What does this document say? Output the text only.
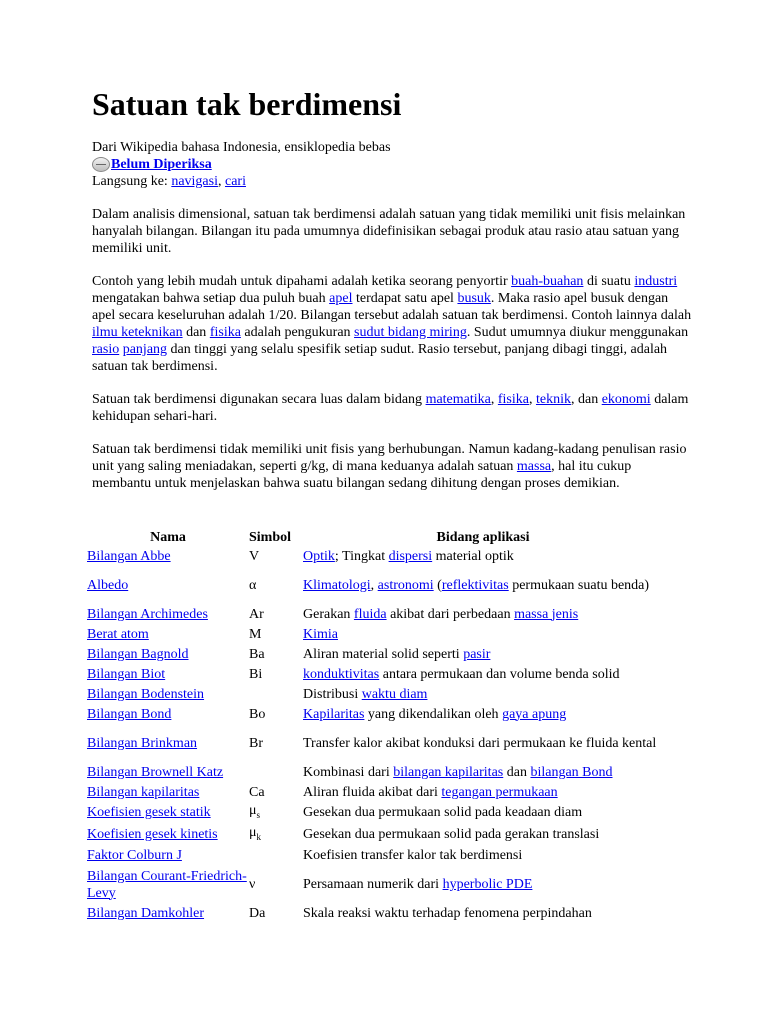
Satuan tak berdimensi

Dari Wikipedia bahasa Indonesia, ensiklopedia bebas

Belum Diperiksa

Langsung ke: navigasi, cari

Dalam analisis dimensional, satuan tak berdimensi adalah satuan yang tidak memiliki unit fisis melainkan hanyalah bilangan. Bilangan itu pada umumnya didefinisikan sebagai produk atau rasio atau satuan yang memiliki unit.

Contoh yang lebih mudah untuk dipahami adalah ketika seorang penyortir buah-buahan di suatu industri mengatakan bahwa setiap dua puluh buah apel terdapat satu apel busuk. Maka rasio apel busuk dengan apel secara keseluruhan adalah 1/20. Bilangan tersebut adalah satuan tak berdimensi. Contoh lainnya dalah ilmu keteknikan dan fisika adalah pengukuran sudut bidang miring. Sudut umumnya diukur menggunakan rasio panjang dan tinggi yang selalu spesifik setiap sudut. Rasio tersebut, panjang dibagi tinggi, adalah satuan tak berdimensi.

Satuan tak berdimensi digunakan secara luas dalam bidang matematika, fisika, teknik, dan ekonomi dalam kehidupan sehari-hari.

Satuan tak berdimensi tidak memiliki unit fisis yang berhubungan. Namun kadang-kadang penulisan rasio unit yang saling meniadakan, seperti g/kg, di mana keduanya adalah satuan massa, hal itu cukup membantu untuk menjelaskan bahwa suatu bilangan sedang dihitung dengan proses demikian.

Nama	Simbol	Bidang aplikasi
Bilangan Abbe	V	Optik; Tingkat dispersi material optik
Albedo	α	Klimatologi, astronomi (reflektivitas permukaan suatu benda)
Bilangan Archimedes	Ar	Gerakan fluida akibat dari perbedaan massa jenis
Berat atom	M	Kimia
Bilangan Bagnold	Ba	Aliran material solid seperti pasir
Bilangan Biot	Bi	konduktivitas antara permukaan dan volume benda solid
Bilangan Bodenstein		Distribusi waktu diam
Bilangan Bond	Bo	Kapilaritas yang dikendalikan oleh gaya apung
Bilangan Brinkman	Br	Transfer kalor akibat konduksi dari permukaan ke fluida kental
Bilangan Brownell Katz		Kombinasi dari bilangan kapilaritas dan bilangan Bond
Bilangan kapilaritas	Ca	Aliran fluida akibat dari tegangan permukaan
Koefisien gesek statik	$\mu_s$	Gesekan dua permukaan solid pada keadaan diam
Koefisien gesek kinetis	$\mu_k$	Gesekan dua permukaan solid pada gerakan translasi
Faktor Colburn J		Koefisien transfer kalor tak berdimensi
Bilangan Courant-Friedrich-Levy	ν	Persamaan numerik dari hyperbolic PDE
Bilangan Damkohler	Da	Skala reaksi waktu terhadap fenomena perpindahan
